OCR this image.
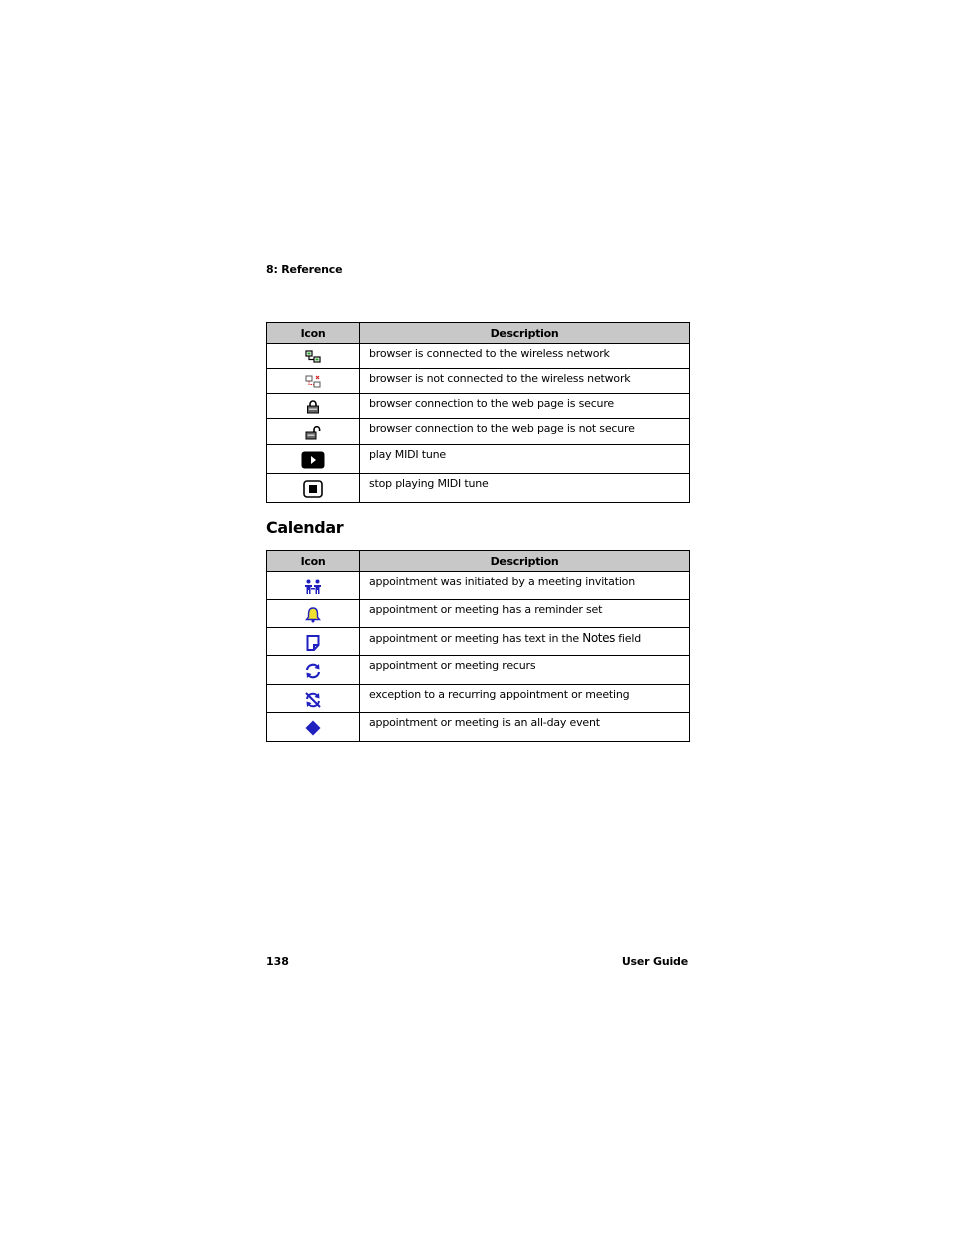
8: Reference
Icon	Description

	browser is connected to the wireless network

	browser is not connected to the wireless network

	browser connection to the web page is secure

	browser connection to the web page is not secure

	play MIDI tune

	stop playing MIDI tune
Calendar
Icon	Description

	appointment was initiated by a meeting invitation

	appointment or meeting has a reminder set

	appointment or meeting has text in the Notes field

	appointment or meeting recurs

	exception to a recurring appointment or meeting

	appointment or meeting is an all-day event
138	User Guide
